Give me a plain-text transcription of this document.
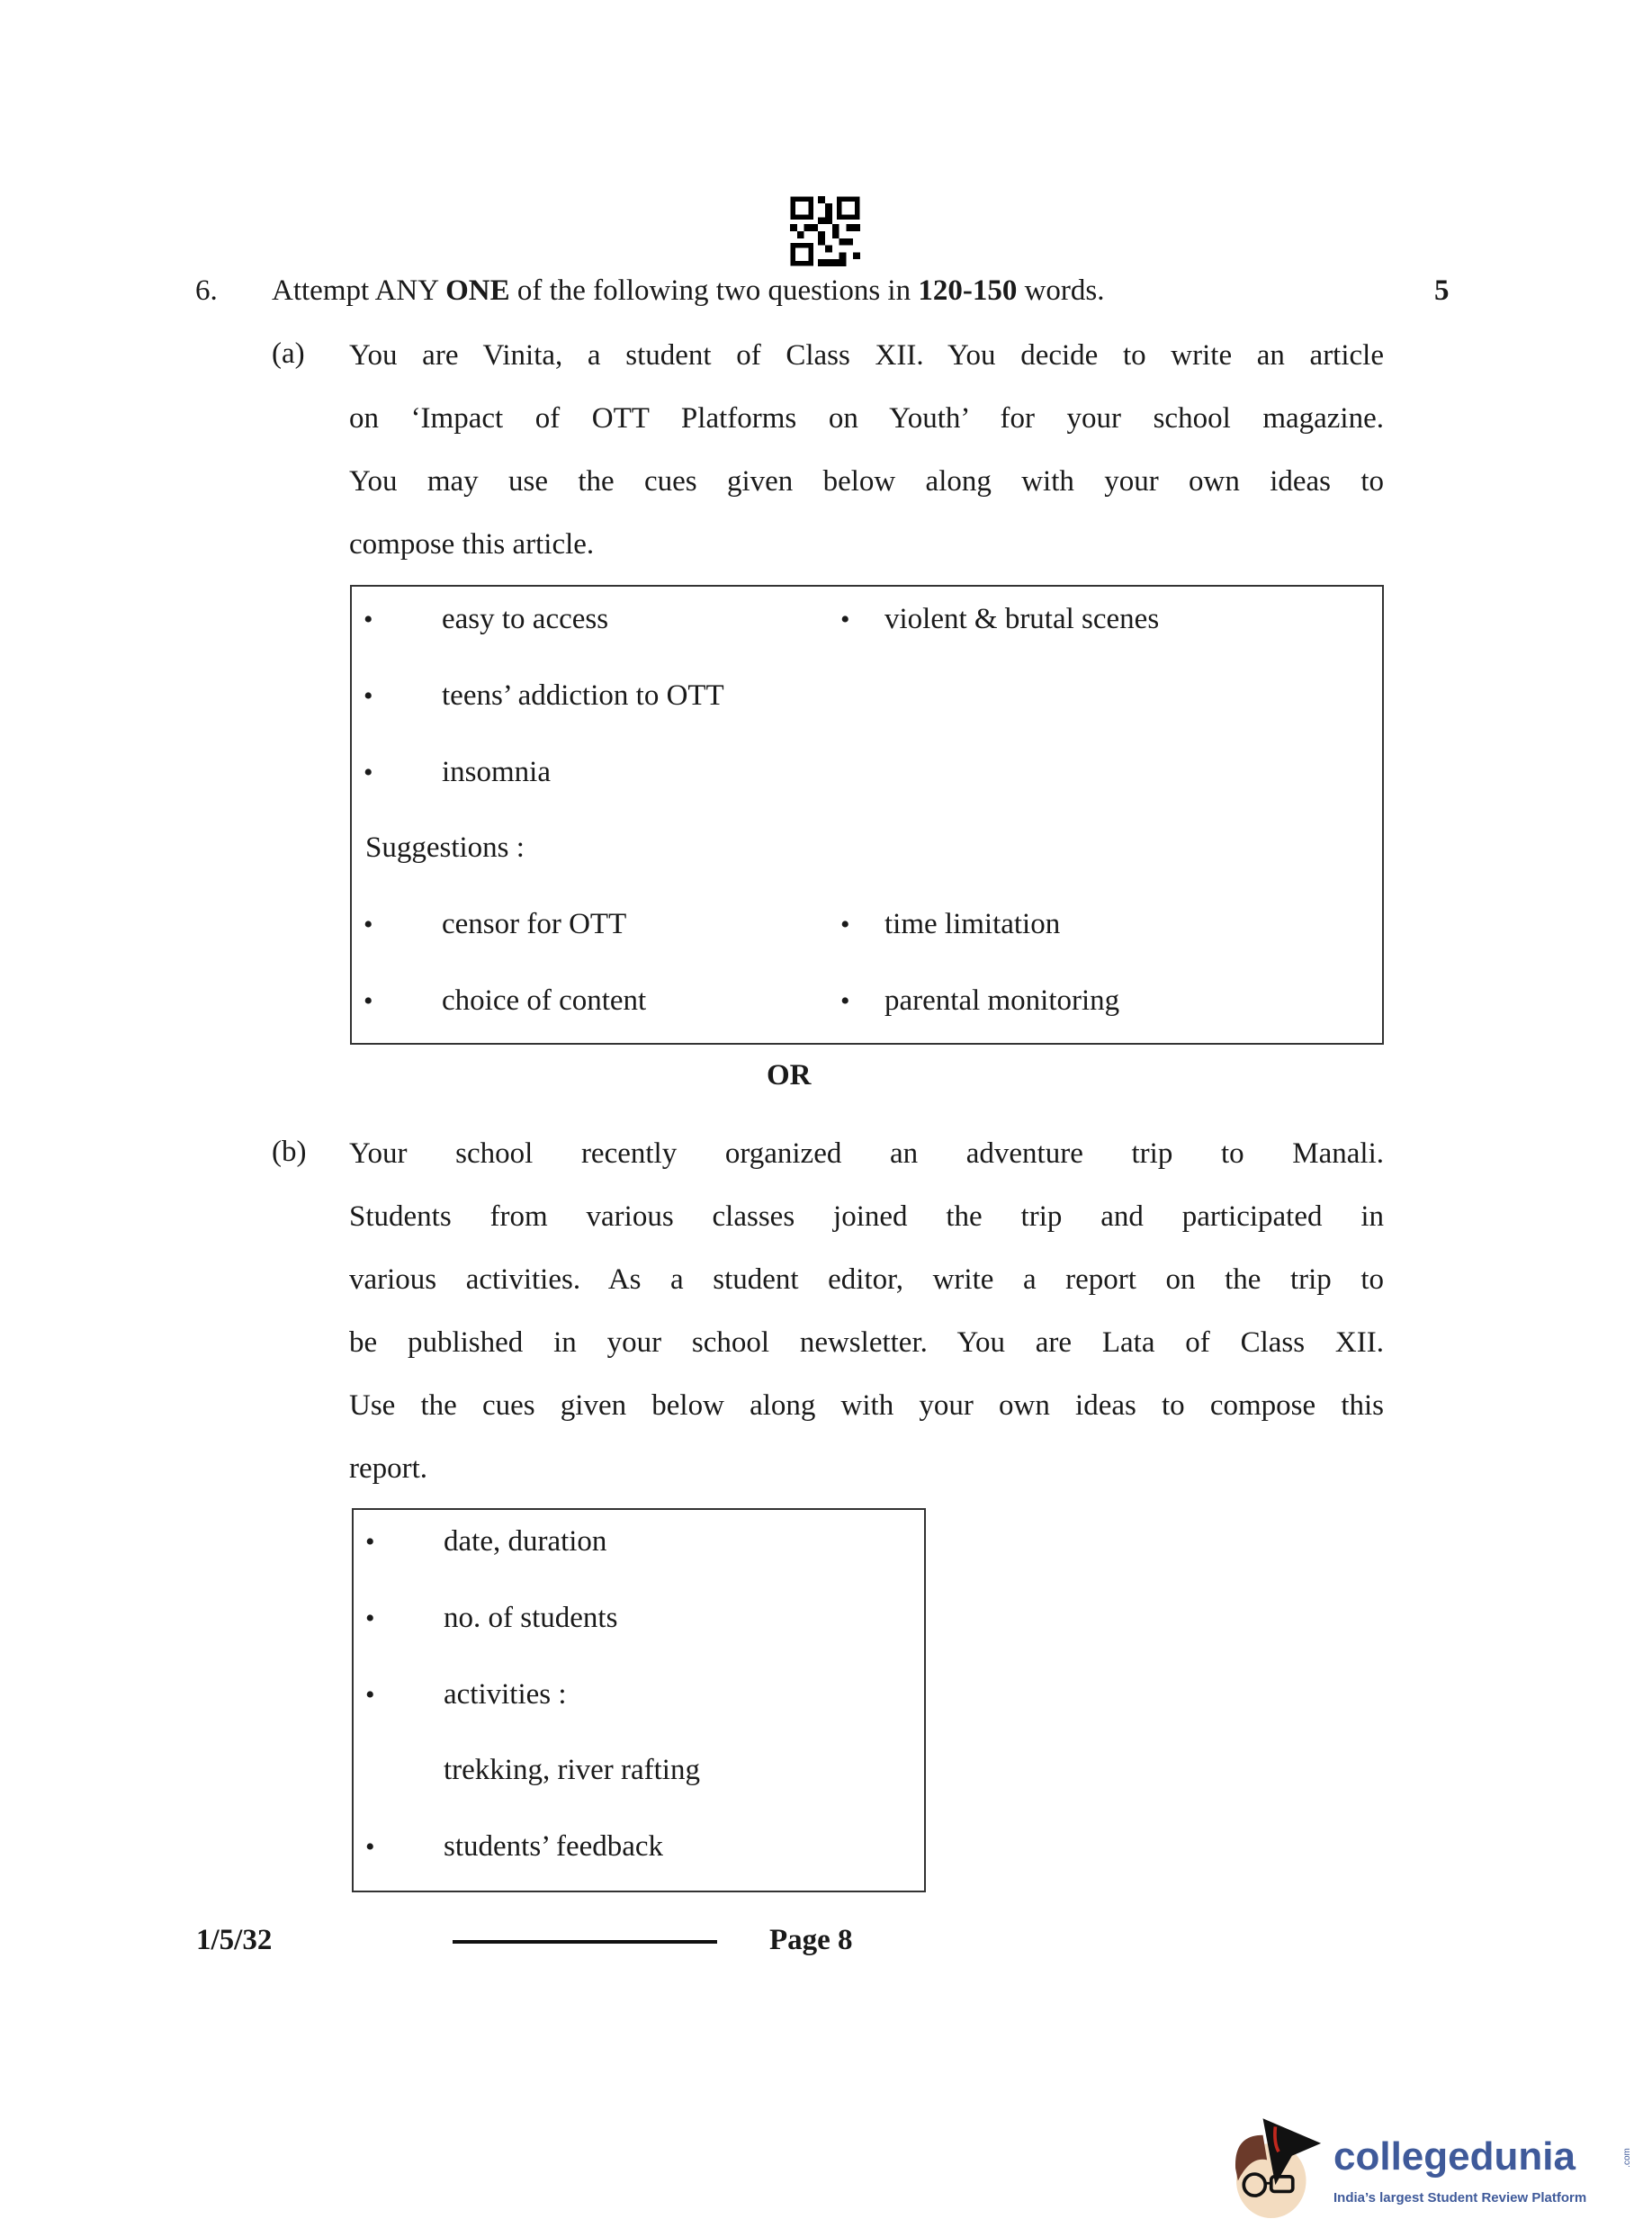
6. Attempt ANY ONE of the following two questions in 120-150 words.	5
(a) You are Vinita, a student of Class XII. You decide to write an article
on ‘Impact of OTT Platforms on Youth’ for your school magazine.
You may use the cues given below along with your own ideas to
compose this article.
• easy to access	• violent & brutal scenes
• teens’ addiction to OTT
• insomnia
Suggestions :
• censor for OTT	• time limitation
• choice of content	• parental monitoring
OR
(b) Your school recently organized an adventure trip to Manali.
Students from various classes joined the trip and participated in
various activities. As a student editor, write a report on the trip to
be published in your school newsletter. You are Lata of Class XII.
Use the cues given below along with your own ideas to compose this
report.
• date, duration
• no. of students
• activities :
trekking, river rafting
• students’ feedback
1/5/32	Page 8
collegedunia	.com
India’s largest Student Review Platform
